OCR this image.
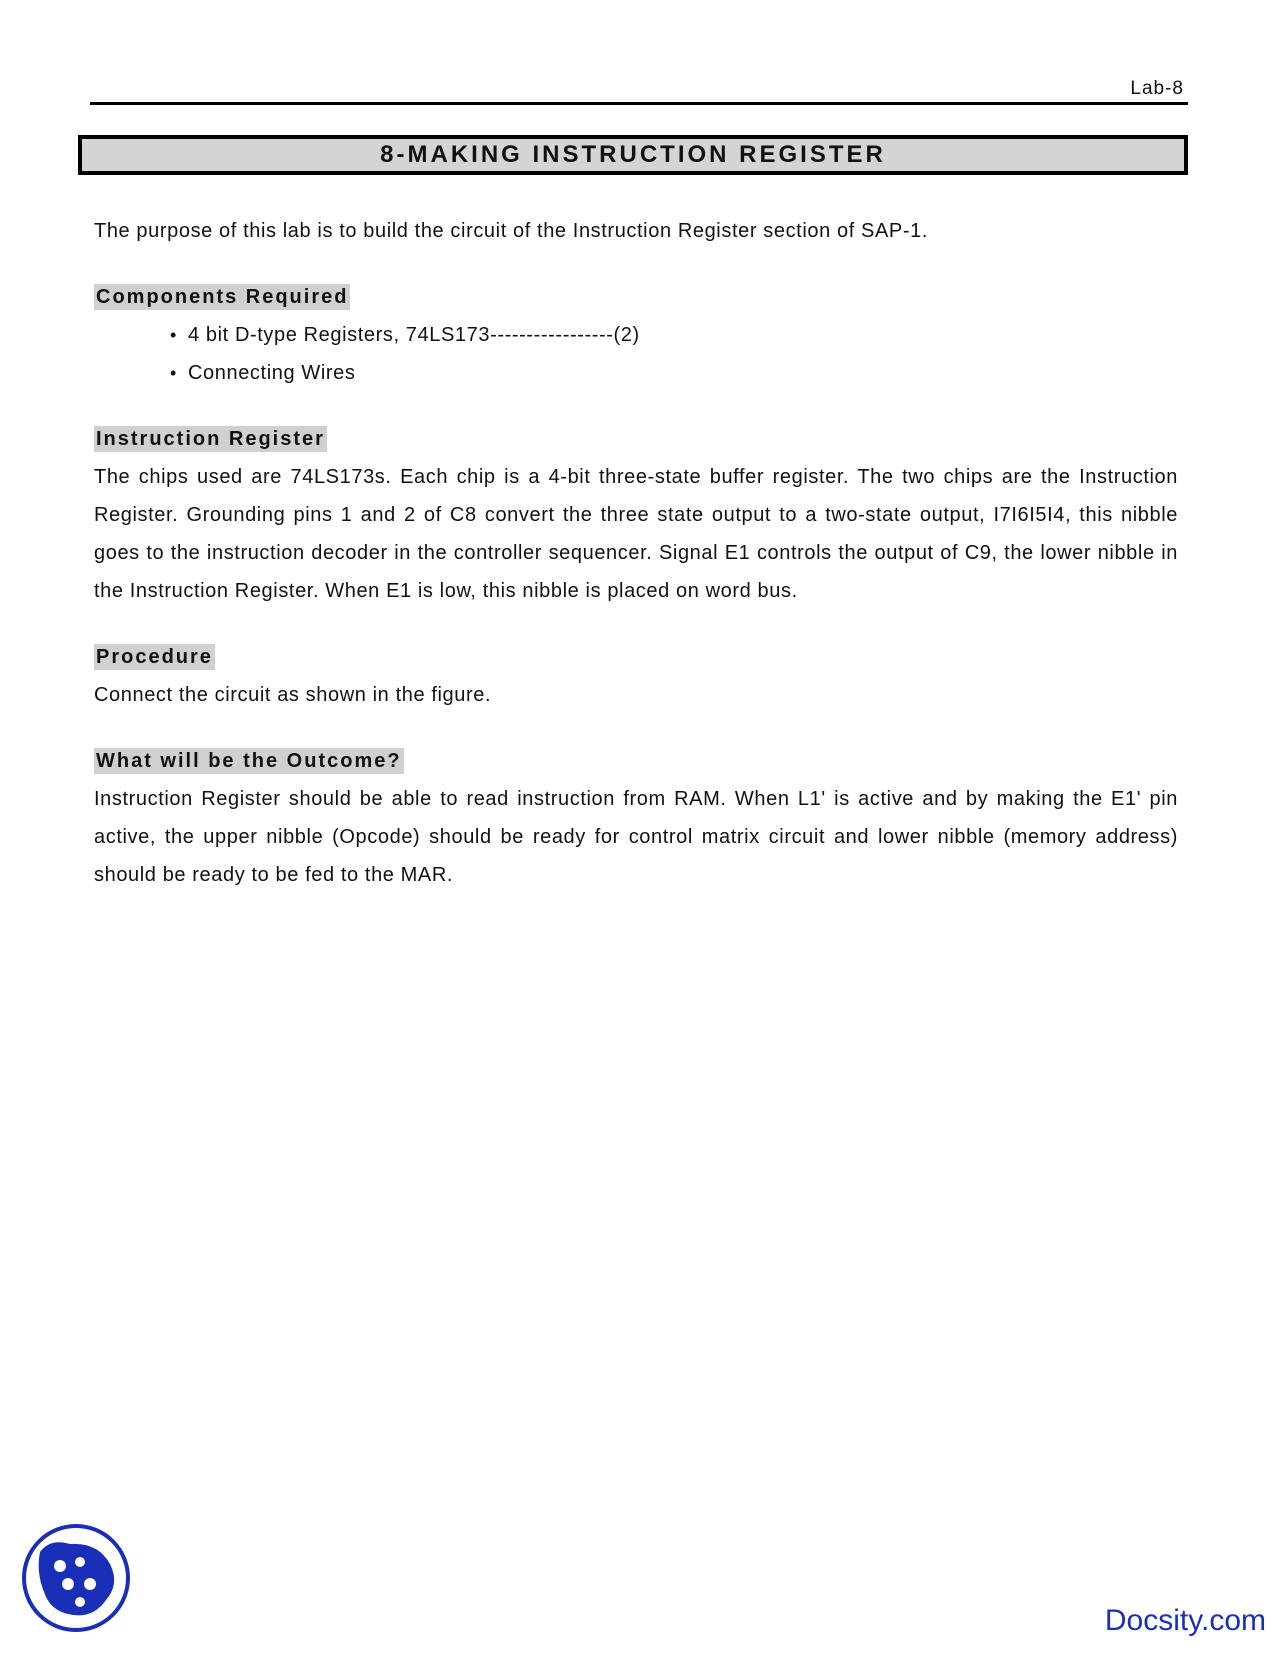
Lab-8
8-MAKING INSTRUCTION REGISTER

The purpose of this lab is to build the circuit of the Instruction Register section of SAP-1.

Components Required
• 4 bit D-type Registers, 74LS173-----------------(2)
• Connecting Wires
Instruction Register

The chips used are 74LS173s. Each chip is a 4-bit three-state buffer register. The two chips are the Instruction Register. Grounding pins 1 and 2 of C8 convert the three state output to a two-state output, I7I6I5I4, this nibble goes to the instruction decoder in the controller sequencer. Signal E1 controls the output of C9, the lower nibble in the Instruction Register. When E1 is low, this nibble is placed on word bus.

Procedure

Connect the circuit as shown in the figure.

What will be the Outcome?

Instruction Register should be able to read instruction from RAM. When L1' is active and by making the E1' pin active, the upper nibble (Opcode) should be ready for control matrix circuit and lower nibble (memory address) should be ready to be fed to the MAR.

Docsity.com
